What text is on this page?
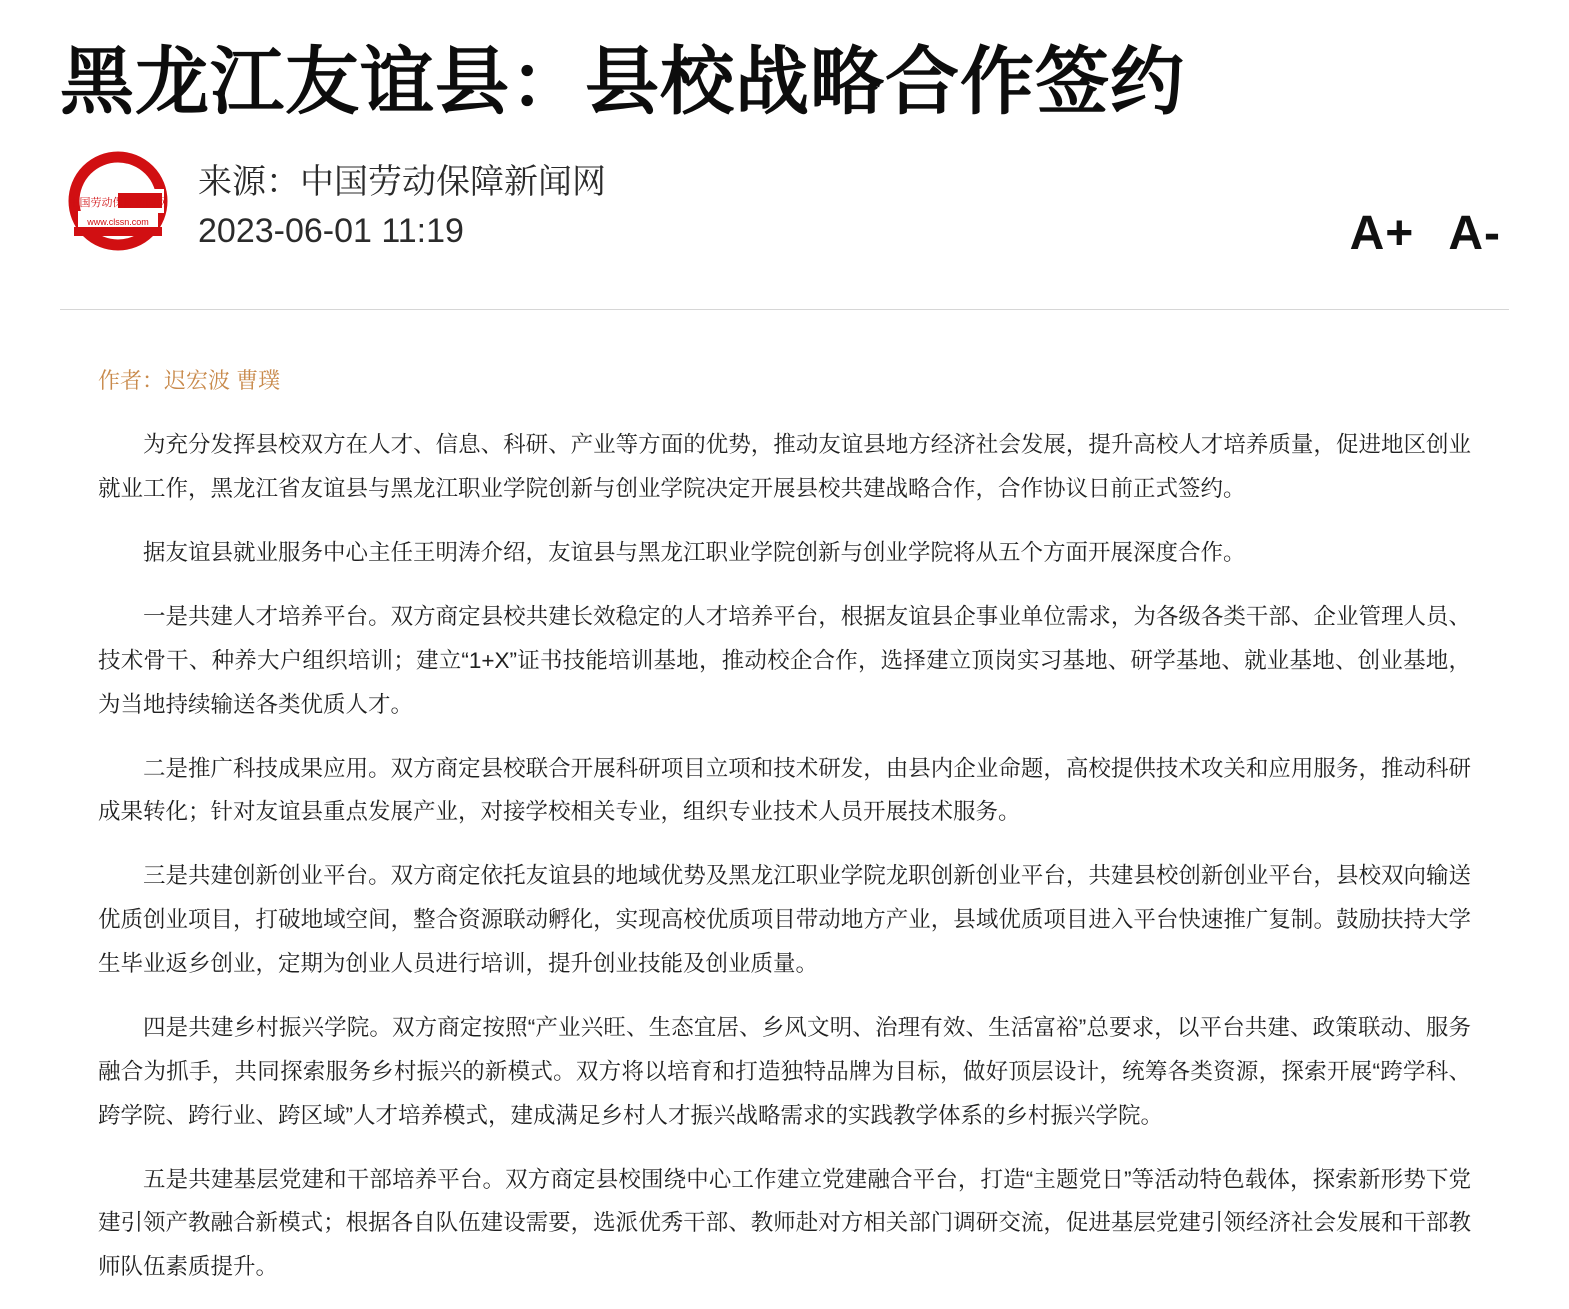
黑龙江友谊县：县校战略合作签约
中国劳动保障新闻网
www.clssn.com
来源：中国劳动保障新闻网
2023-06-01 11:19	A+ A-
作者：迟宏波 曹璞

为充分发挥县校双方在人才、信息、科研、产业等方面的优势，推动友谊县地方经济社会发展，提升高校人才培养质量，促进地区创业就业工作，黑龙江省友谊县与黑龙江职业学院创新与创业学院决定开展县校共建战略合作，合作协议日前正式签约。

据友谊县就业服务中心主任王明涛介绍，友谊县与黑龙江职业学院创新与创业学院将从五个方面开展深度合作。

一是共建人才培养平台。双方商定县校共建长效稳定的人才培养平台，根据友谊县企事业单位需求，为各级各类干部、企业管理人员、技术骨干、种养大户组织培训；建立“1+X”证书技能培训基地，推动校企合作，选择建立顶岗实习基地、研学基地、就业基地、创业基地，为当地持续输送各类优质人才。

二是推广科技成果应用。双方商定县校联合开展科研项目立项和技术研发，由县内企业命题，高校提供技术攻关和应用服务，推动科研成果转化；针对友谊县重点发展产业，对接学校相关专业，组织专业技术人员开展技术服务。

三是共建创新创业平台。双方商定依托友谊县的地域优势及黑龙江职业学院龙职创新创业平台，共建县校创新创业平台，县校双向输送优质创业项目，打破地域空间，整合资源联动孵化，实现高校优质项目带动地方产业，县域优质项目进入平台快速推广复制。鼓励扶持大学生毕业返乡创业，定期为创业人员进行培训，提升创业技能及创业质量。

四是共建乡村振兴学院。双方商定按照“产业兴旺、生态宜居、乡风文明、治理有效、生活富裕”总要求，以平台共建、政策联动、服务融合为抓手，共同探索服务乡村振兴的新模式。双方将以培育和打造独特品牌为目标，做好顶层设计，统筹各类资源，探索开展“跨学科、跨学院、跨行业、跨区域”人才培养模式，建成满足乡村人才振兴战略需求的实践教学体系的乡村振兴学院。

五是共建基层党建和干部培养平台。双方商定县校围绕中心工作建立党建融合平台，打造“主题党日”等活动特色载体，探索新形势下党建引领产教融合新模式；根据各自队伍建设需要，选派优秀干部、教师赴对方相关部门调研交流，促进基层党建引领经济社会发展和干部教师队伍素质提升。
